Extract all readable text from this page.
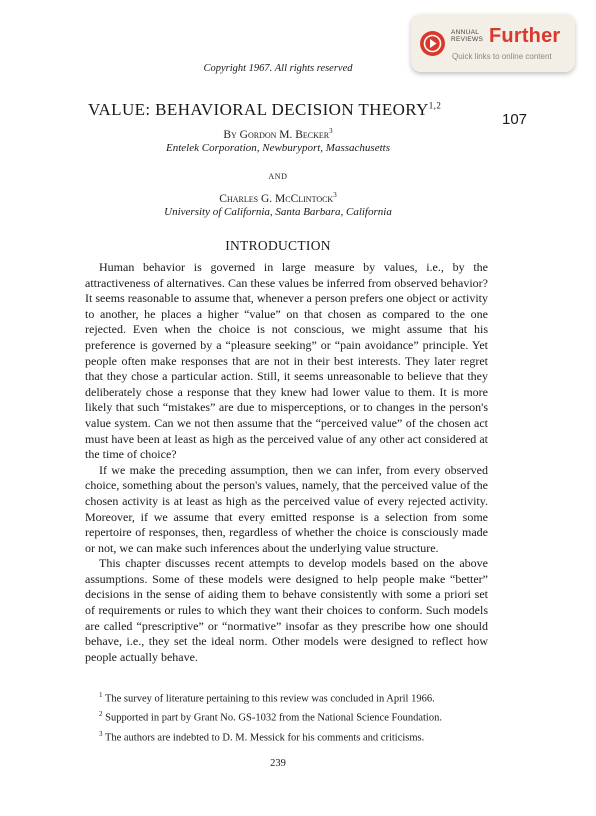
ANNUAL
REVIEWS Further
Quick links to online content
Copyright 1967. All rights reserved
VALUE: BEHAVIORAL DECISION THEORY$^{1,2}$
107
By Gordon M. Becker$^3$
Entelek Corporation, Newburyport, Massachusetts
AND
Charles G. McClintock$^3$
University of California, Santa Barbara, California
INTRODUCTION

Human behavior is governed in large measure by values, i.e., by the attractiveness of alternatives. Can these values be inferred from observed behavior? It seems reasonable to assume that, whenever a person prefers one object or activity to another, he places a higher “value” on that chosen as compared to the one rejected. Even when the choice is not conscious, we might assume that his preference is governed by a “pleasure seeking” or “pain avoidance” principle. Yet people often make responses that are not in their best interests. They later regret that they chose a particular action. Still, it seems unreasonable to believe that they deliberately chose a response that they knew had lower value to them. It is more likely that such “mistakes” are due to misperceptions, or to changes in the person's value system. Can we not then assume that the “perceived value” of the chosen act must have been at least as high as the perceived value of any other act considered at the time of choice?

If we make the preceding assumption, then we can infer, from every observed choice, something about the person's values, namely, that the perceived value of the chosen activity is at least as high as the perceived value of every rejected activity. Moreover, if we assume that every emitted response is a selection from some repertoire of responses, then, regardless of whether the choice is consciously made or not, we can make such inferences about the underlying value structure.

This chapter discusses recent attempts to develop models based on the above assumptions. Some of these models were designed to help people make “better” decisions in the sense of aiding them to behave consistently with some a priori set of requirements or rules to which they want their choices to conform. Such models are called “prescriptive” or “normative” insofar as they prescribe how one should behave, i.e., they set the ideal norm. Other models were designed to reflect how people actually behave.

$^1$ The survey of literature pertaining to this review was concluded in April 1966.

$^2$ Supported in part by Grant No. GS-1032 from the National Science Foundation.

$^3$ The authors are indebted to D. M. Messick for his comments and criticisms.

239
